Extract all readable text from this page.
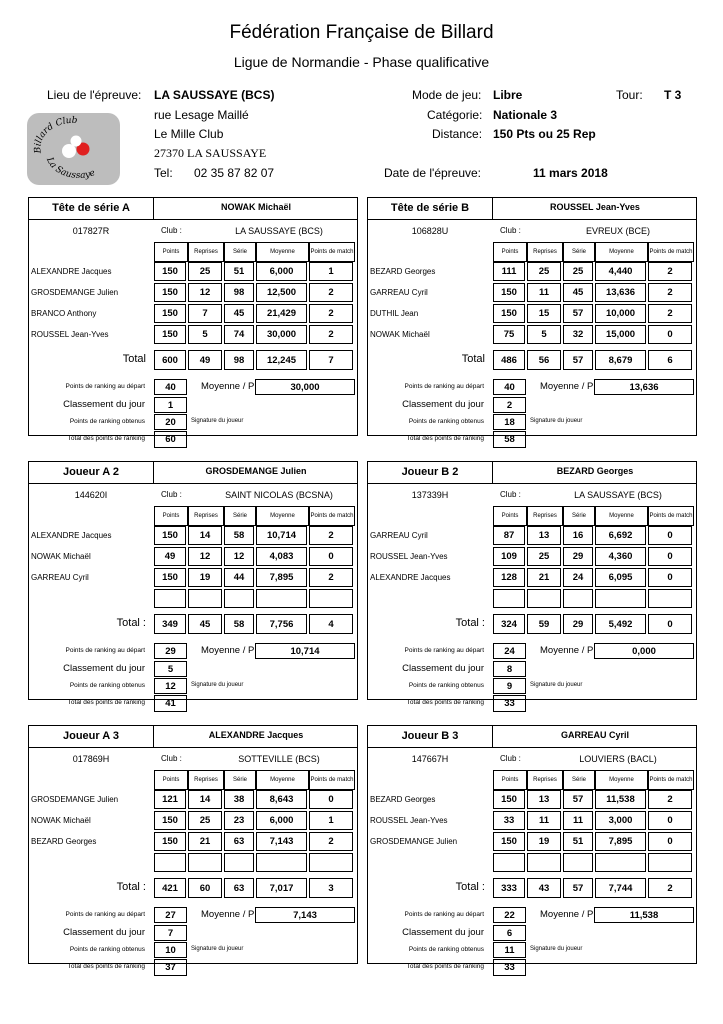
Fédération Française de Billard
Ligue de Normandie - Phase qualificative
Lieu de l'épreuve: LA SAUSSAYE (BCS)
rue Lesage Maillé
Le Mille Club
27370 LA SAUSSAYE
Tel: 02 35 87 82 07
Mode de jeu: Libre	Tour: T 3
Catégorie: Nationale 3
Distance: 150 Pts ou 25 Rep
Date de l'épreuve:	11 mars 2018
Billard Club
La Saussaye
Tête de série A	NOWAK Michaël
017827R	Club :	LA SAUSSAYE (BCS)
Points	Reprises	Série	Moyenne	Points de match
ALEXANDRE Jacques	150	25	51	6,000	1
GROSDEMANGE Julien	150	12	98	12,500	2
BRANCO Anthony	150	7	45	21,429	2
ROUSSEL Jean-Yves	150	5	74	30,000	2
Total	600	49	98	12,245	7
Points de ranking au départ	40	Moyenne / P	30,000
Classement du jour	1
Points de ranking obtenus	20	Signature du joueur
Total des points de ranking	60
Tête de série B	ROUSSEL Jean-Yves
106828U	Club :	EVREUX (BCE)
Points	Reprises	Série	Moyenne	Points de match
BEZARD Georges	111	25	25	4,440	2
GARREAU Cyril	150	11	45	13,636	2
DUTHIL Jean	150	15	57	10,000	2
NOWAK Michaël	75	5	32	15,000	0
Total	486	56	57	8,679	6
Points de ranking au départ	40	Moyenne / P	13,636
Classement du jour	2
Points de ranking obtenus	18	Signature du joueur
Total des points de ranking	58
Joueur A 2	GROSDEMANGE Julien
144620I	Club :	SAINT NICOLAS (BCSNA)
Points	Reprises	Série	Moyenne	Points de match
ALEXANDRE Jacques	150	14	58	10,714	2
NOWAK Michaël	49	12	12	4,083	0
GARREAU Cyril	150	19	44	7,895	2
Total :	349	45	58	7,756	4
Points de ranking au départ	29	Moyenne / P	10,714
Classement du jour	5
Points de ranking obtenus	12	Signature du joueur
Total des points de ranking	41
Joueur B 2	BEZARD Georges
137339H	Club :	LA SAUSSAYE (BCS)
Points	Reprises	Série	Moyenne	Points de match
GARREAU Cyril	87	13	16	6,692	0
ROUSSEL Jean-Yves	109	25	29	4,360	0
ALEXANDRE Jacques	128	21	24	6,095	0
Total :	324	59	29	5,492	0
Points de ranking au départ	24	Moyenne / P	0,000
Classement du jour	8
Points de ranking obtenus	9	Signature du joueur
Total des points de ranking	33
Joueur A 3	ALEXANDRE Jacques
017869H	Club :	SOTTEVILLE (BCS)
Points	Reprises	Série	Moyenne	Points de match
GROSDEMANGE Julien	121	14	38	8,643	0
NOWAK Michaël	150	25	23	6,000	1
BEZARD Georges	150	21	63	7,143	2
Total :	421	60	63	7,017	3
Points de ranking au départ	27	Moyenne / P	7,143
Classement du jour	7
Points de ranking obtenus	10	Signature du joueur
Total des points de ranking	37
Joueur B 3	GARREAU Cyril
147667H	Club :	LOUVIERS (BACL)
Points	Reprises	Série	Moyenne	Points de match
BEZARD Georges	150	13	57	11,538	2
ROUSSEL Jean-Yves	33	11	11	3,000	0
GROSDEMANGE Julien	150	19	51	7,895	0
Total :	333	43	57	7,744	2
Points de ranking au départ	22	Moyenne / P	11,538
Classement du jour	6
Points de ranking obtenus	11	Signature du joueur
Total des points de ranking	33
